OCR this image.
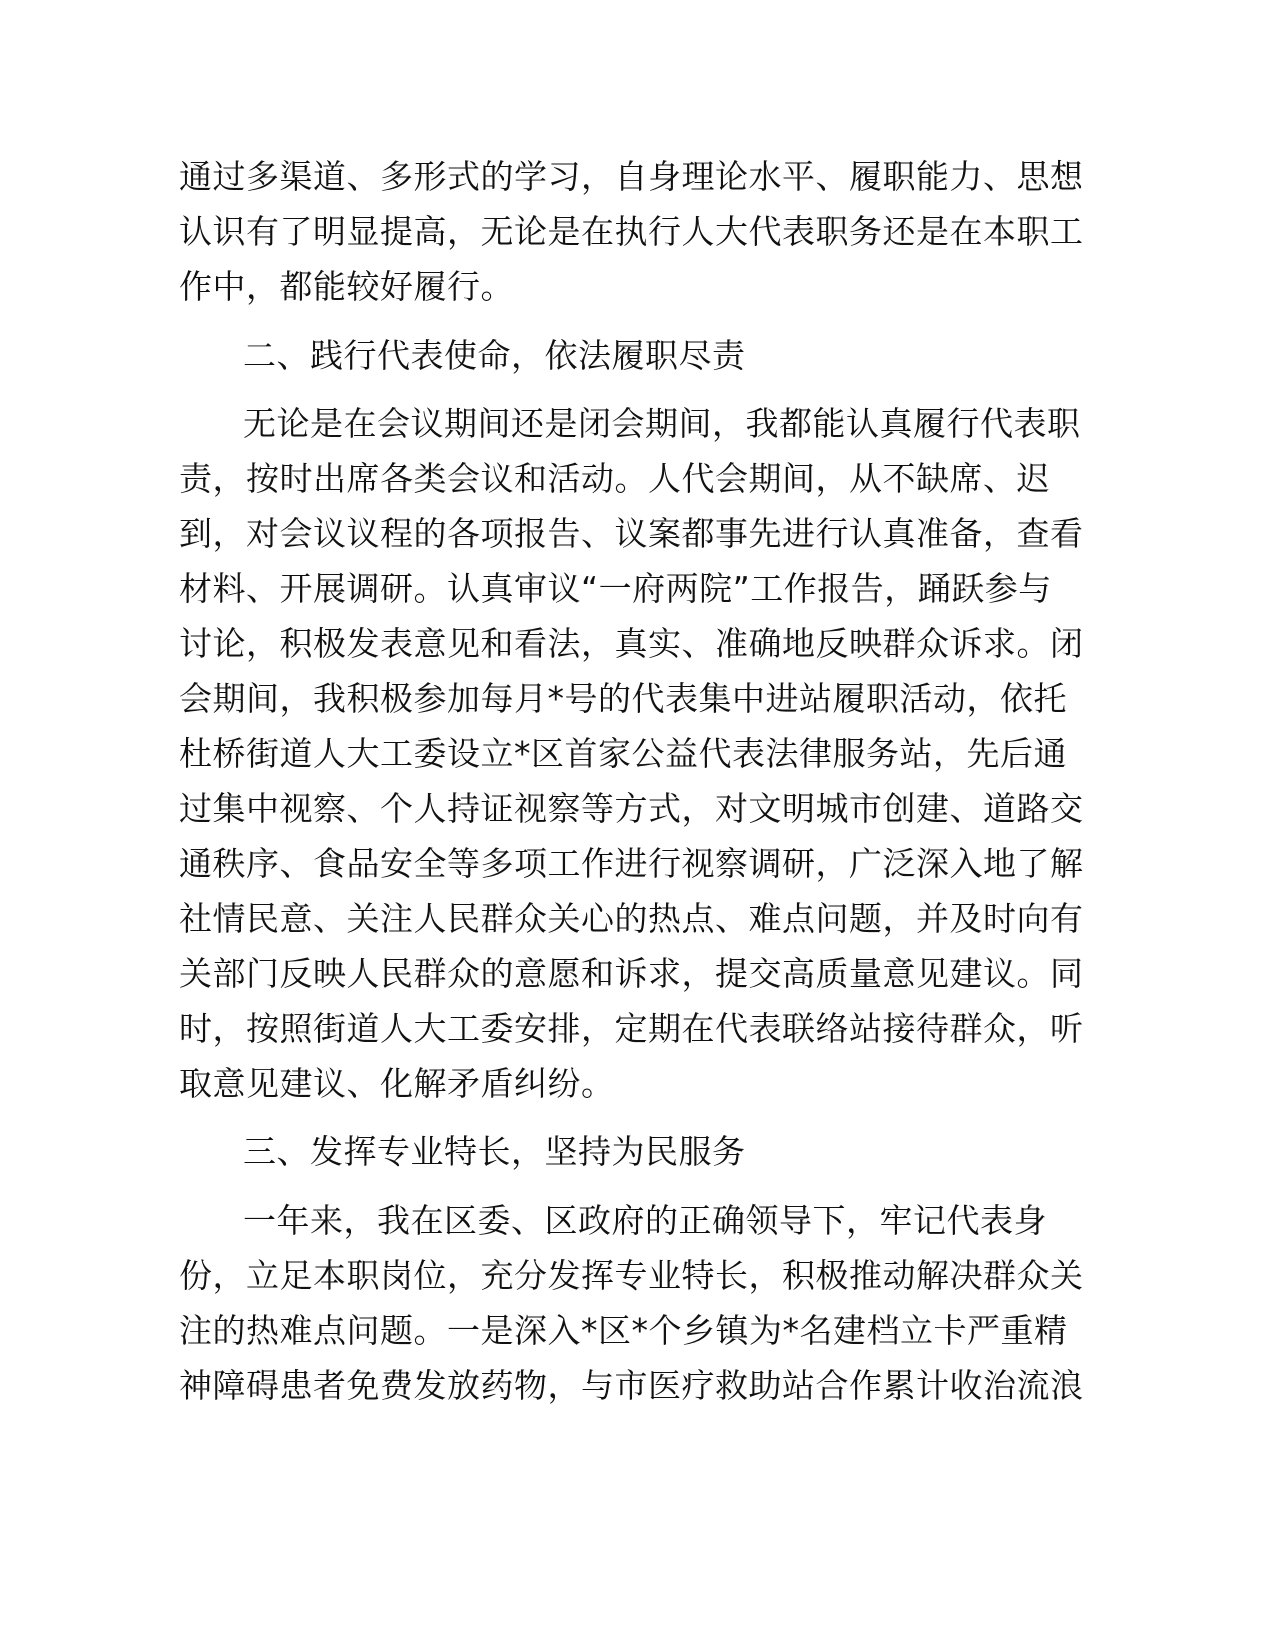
通过多渠道、多形式的学习，自身理论水平、履职能力、思想
认识有了明显提高，无论是在执行人大代表职务还是在本职工
作中，都能较好履行。
二、践行代表使命，依法履职尽责
无论是在会议期间还是闭会期间，我都能认真履行代表职
责，按时出席各类会议和活动。人代会期间，从不缺席、迟
到，对会议议程的各项报告、议案都事先进行认真准备，查看
材料、开展调研。认真审议“一府两院”工作报告，踊跃参与
讨论，积极发表意见和看法，真实、准确地反映群众诉求。闭
会期间，我积极参加每月*号的代表集中进站履职活动，依托
杜桥街道人大工委设立*区首家公益代表法律服务站，先后通
过集中视察、个人持证视察等方式，对文明城市创建、道路交
通秩序、食品安全等多项工作进行视察调研，广泛深入地了解
社情民意、关注人民群众关心的热点、难点问题，并及时向有
关部门反映人民群众的意愿和诉求，提交高质量意见建议。同
时，按照街道人大工委安排，定期在代表联络站接待群众，听
取意见建议、化解矛盾纠纷。
三、发挥专业特长，坚持为民服务
一年来，我在区委、区政府的正确领导下，牢记代表身
份，立足本职岗位，充分发挥专业特长，积极推动解决群众关
注的热难点问题。一是深入*区*个乡镇为*名建档立卡严重精
神障碍患者免费发放药物，与市医疗救助站合作累计收治流浪
